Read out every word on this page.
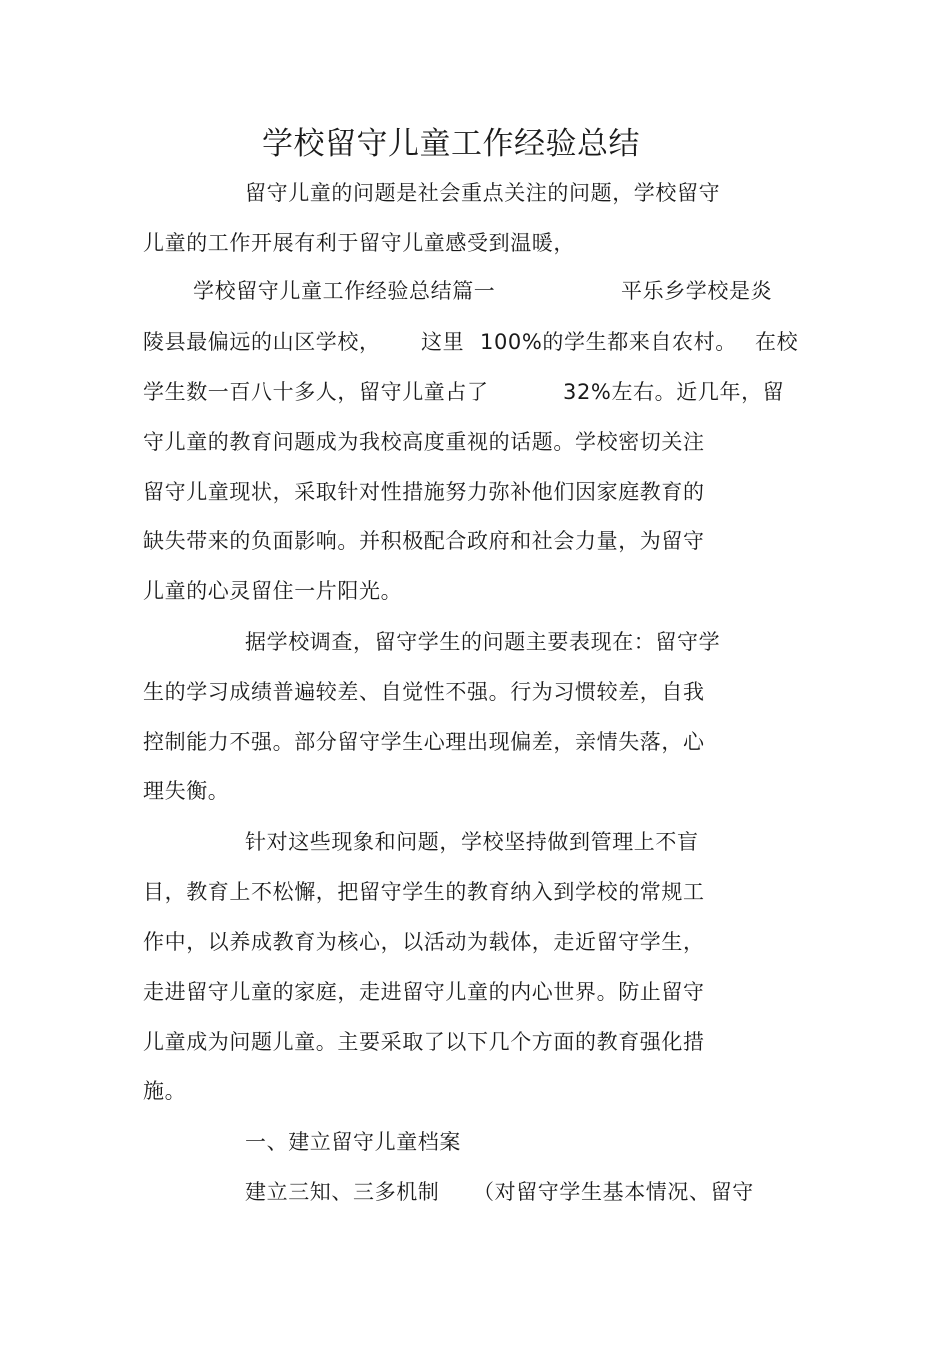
学校留守儿童工作经验总结
留守儿童的问题是社会重点关注的问题，学校留守
儿童的工作开展有利于留守儿童感受到温暖，
学校留守儿童工作经验总结篇一	平乐乡学校是炎
陵县最偏远的山区学校， 这里 100%的学生都来自农村。 在校
学生数一百八十多人，留守儿童占了	32%左右。近几年，留
守儿童的教育问题成为我校高度重视的话题。学校密切关注
留守儿童现状，采取针对性措施努力弥补他们因家庭教育的
缺失带来的负面影响。并积极配合政府和社会力量，为留守
儿童的心灵留住一片阳光。
据学校调查，留守学生的问题主要表现在：留守学
生的学习成绩普遍较差、自觉性不强。行为习惯较差，自我
控制能力不强。部分留守学生心理出现偏差，亲情失落，心
理失衡。
针对这些现象和问题，学校坚持做到管理上不盲
目，教育上不松懈，把留守学生的教育纳入到学校的常规工
作中，以养成教育为核心，以活动为载体，走近留守学生，
走进留守儿童的家庭，走进留守儿童的内心世界。防止留守
儿童成为问题儿童。主要采取了以下几个方面的教育强化措
施。
一、建立留守儿童档案
建立三知、三多机制 （对留守学生基本情况、留守
